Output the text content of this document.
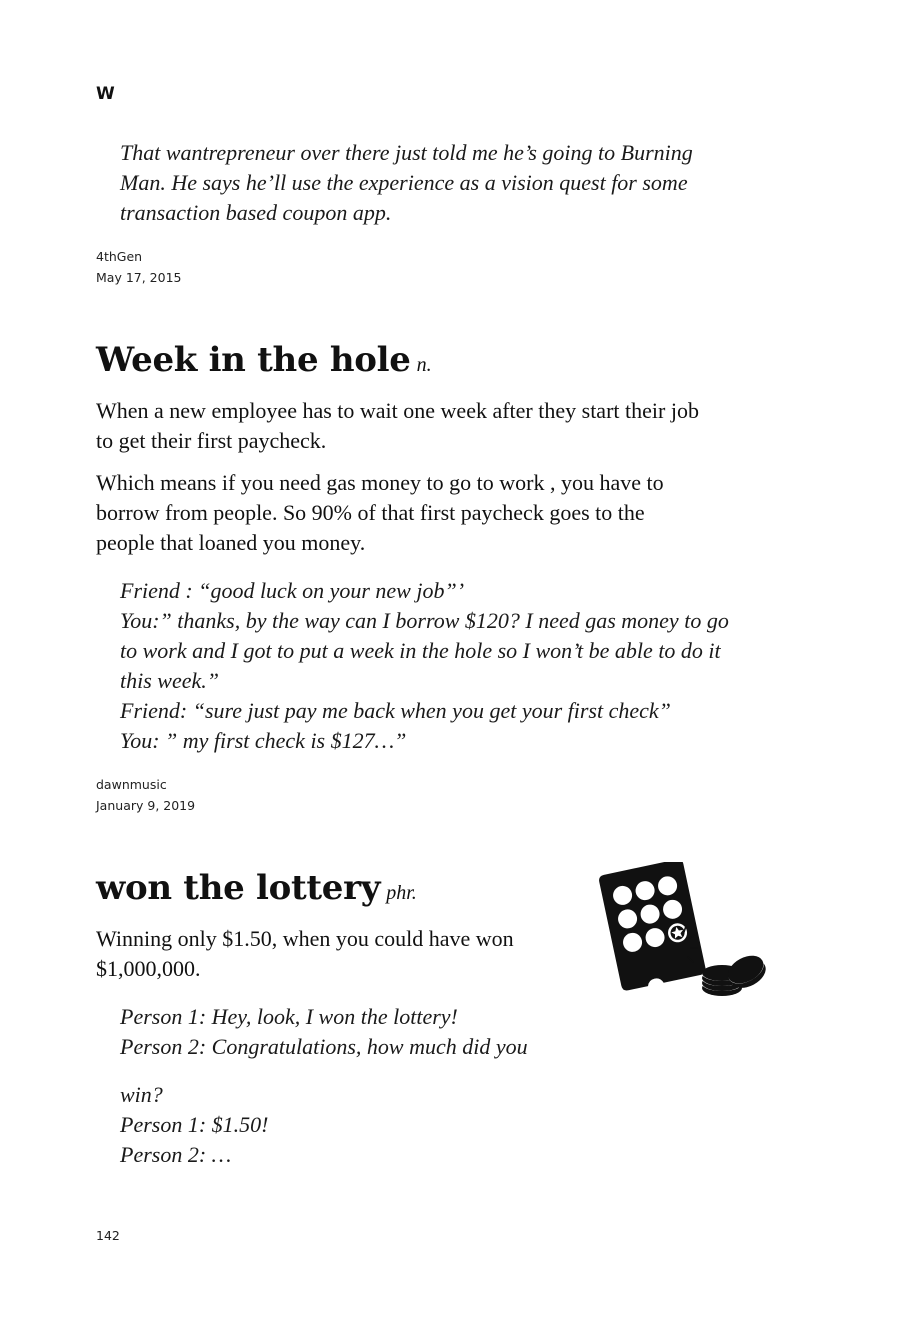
W

That wantrepreneur over there just told me he’s going to Burning
Man. He says he’ll use the experience as a vision quest for some
transaction based coupon app.
4thGen
May 17, 2015
Week in the hole n.
When a new employee has to wait one week after they start their job
to get their first paycheck.
Which means if you need gas money to go to work , you have to
borrow from people. So 90% of that first paycheck goes to the
people that loaned you money.
Friend : “good luck on your new job”’
You:” thanks, by the way can I borrow $120? I need gas money to go
to work and I got to put a week in the hole so I won’t be able to do it
this week.”
Friend: “sure just pay me back when you get your first check”
You: ” my first check is $127…”
dawnmusic
January 9, 2019
won the lottery phr.
Winning only $1.50, when you could have won
$1,000,000.
Person 1: Hey, look, I won the lottery!
Person 2: Congratulations, how much did you
win?
Person 1: $1.50!
Person 2: …

142
